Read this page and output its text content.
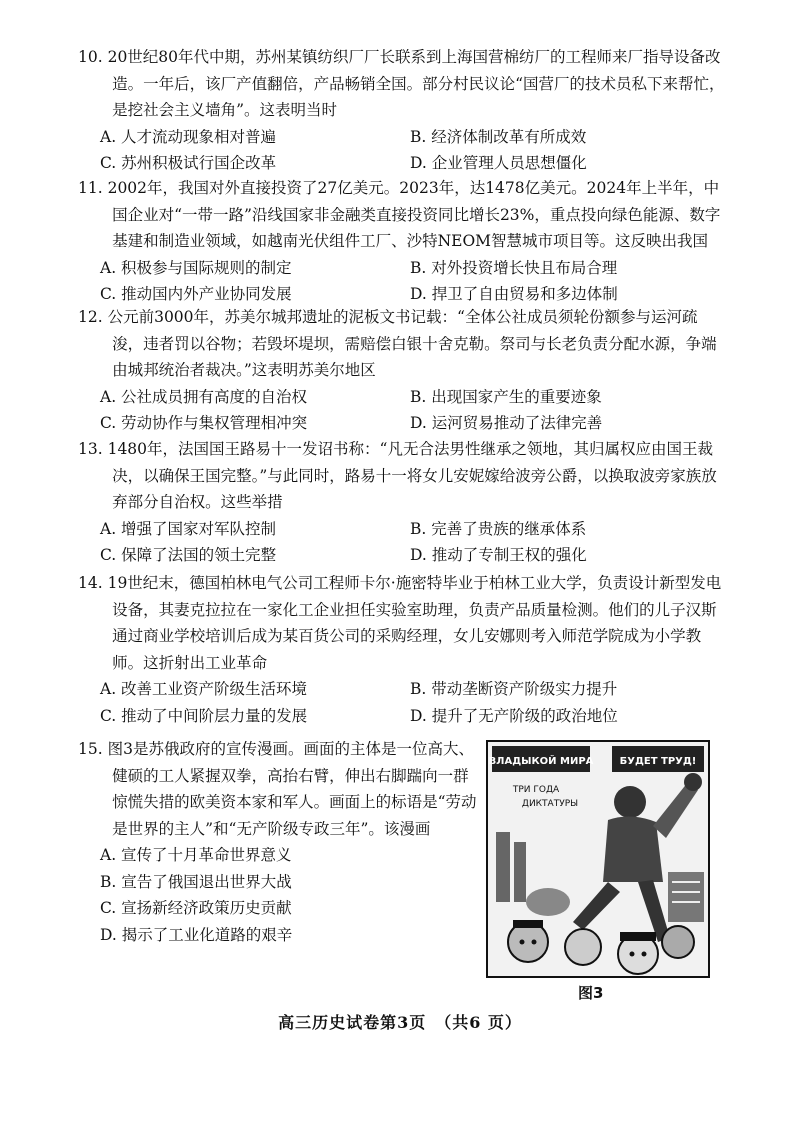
10. 20世纪80年代中期，苏州某镇纺织厂厂长联系到上海国营棉纺厂的工程师来厂指导设备改造。一年后，该厂产值翻倍，产品畅销全国。部分村民议论“国营厂的技术员私下来帮忙，是挖社会主义墙角”。这表明当时

A. 人才流动现象相对普遍	B. 经济体制改革有所成效
C. 苏州积极试行国企改革	D. 企业管理人员思想僵化

11. 2002年，我国对外直接投资了27亿美元。2023年，达1478亿美元。2024年上半年，中国企业对“一带一路”沿线国家非金融类直接投资同比增长23%，重点投向绿色能源、数字基建和制造业领域，如越南光伏组件工厂、沙特NEOM智慧城市项目等。这反映出我国

A. 积极参与国际规则的制定	B. 对外投资增长快且布局合理
C. 推动国内外产业协同发展	D. 捍卫了自由贸易和多边体制

12. 公元前3000年，苏美尔城邦遗址的泥板文书记载：“全体公社成员须轮份额参与运河疏浚，违者罚以谷物；若毁坏堤坝，需赔偿白银十舍克勒。祭司与长老负责分配水源，争端由城邦统治者裁决。”这表明苏美尔地区

A. 公社成员拥有高度的自治权	B. 出现国家产生的重要迹象
C. 劳动协作与集权管理相冲突	D. 运河贸易推动了法律完善

13. 1480年，法国国王路易十一发诏书称：“凡无合法男性继承之领地，其归属权应由国王裁决，以确保王国完整。”与此同时，路易十一将女儿安妮嫁给波旁公爵，以换取波旁家族放弃部分自治权。这些举措

A. 增强了国家对军队控制	B. 完善了贵族的继承体系
C. 保障了法国的领土完整	D. 推动了专制王权的强化

14. 19世纪末，德国柏林电气公司工程师卡尔·施密特毕业于柏林工业大学，负责设计新型发电设备，其妻克拉拉在一家化工企业担任实验室助理，负责产品质量检测。他们的儿子汉斯通过商业学校培训后成为某百货公司的采购经理，女儿安娜则考入师范学院成为小学教师。这折射出工业革命

A. 改善工业资产阶级生活环境	B. 带动垄断资产阶级实力提升
C. 推动了中间阶层力量的发展	D. 提升了无产阶级的政治地位

15. 图3是苏俄政府的宣传漫画。画面的主体是一位高大、健硕的工人紧握双拳，高抬右臂，伸出右脚踹向一群惊慌失措的欧美资本家和军人。画面上的标语是“劳动是世界的主人”和“无产阶级专政三年”。该漫画

A. 宣传了十月革命世界意义
B. 宣告了俄国退出世界大战
C. 宣扬新经济政策历史贡献
D. 揭示了工业化道路的艰辛
ВЛАДЫКОЙ МИРА	БУДЕТ ТРУД!
ТРИ ГОДА
ДИКТАТУРЫ
图3
高三历史试卷第3页　（共6 页）
